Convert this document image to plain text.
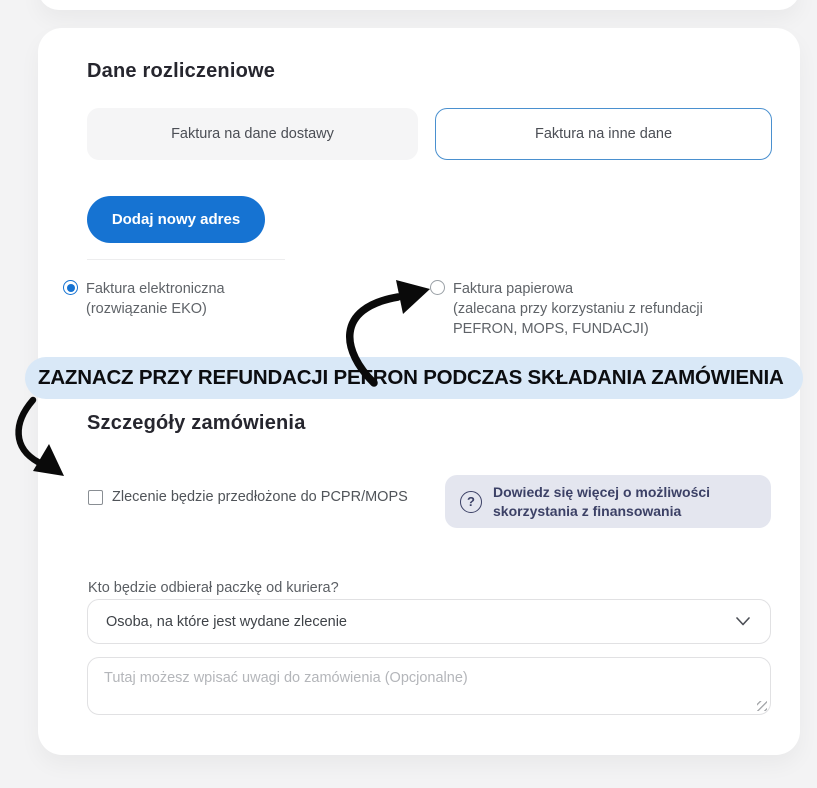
Dane rozliczeniowe
Faktura na dane dostawy	Faktura na inne dane
Dodaj nowy adres
Faktura elektroniczna
(rozwiązanie EKO)
Faktura papierowa
(zalecana przy korzystaniu z refundacji PEFRON, MOPS, FUNDACJI)
Szczegóły zamówienia
Zlecenie będzie przedłożone do PCPR/MOPS	?
Dowiedz się więcej o możliwości skorzystania z finansowania
Kto będzie odbierał paczkę od kuriera?
Osoba, na które jest wydane zlecenie
Tutaj możesz wpisać uwagi do zamówienia (Opcjonalne)
ZAZNACZ PRZY REFUNDACJI PEFRON PODCZAS SKŁADANIA ZAMÓWIENIA
